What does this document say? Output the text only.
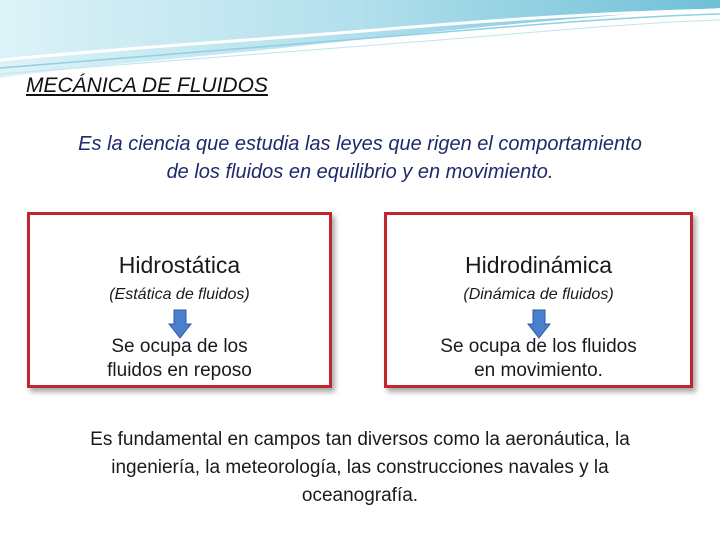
MECÁNICA DE FLUIDOS

Es la ciencia que estudia las leyes que rigen el comportamiento
de los fluidos en equilibrio y en movimiento.

Hidrostática
(Estática de fluidos)

Se ocupa de los
fluidos en reposo

Hidrodinámica
(Dinámica de fluidos)

Se ocupa de los fluidos
en movimiento.

Es fundamental en campos tan diversos como la aeronáutica, la
ingeniería, la meteorología, las construcciones navales y la
oceanografía.
